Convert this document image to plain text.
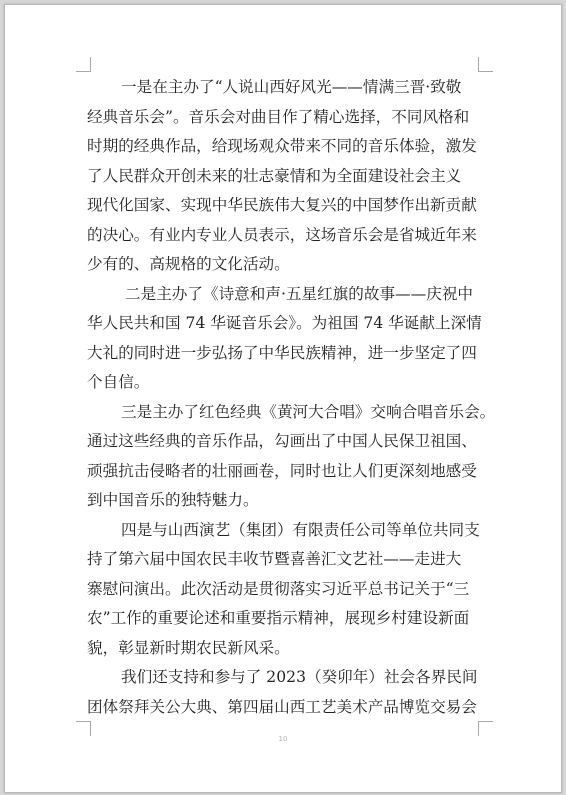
一是在主办了“人说山西好风光——情满三晋·致敬
经典音乐会”。音乐会对曲目作了精心选择，不同风格和
时期的经典作品，给现场观众带来不同的音乐体验，激发
了人民群众开创未来的壮志豪情和为全面建设社会主义
现代化国家、实现中华民族伟大复兴的中国梦作出新贡献
的决心。有业内专业人员表示，这场音乐会是省城近年来
少有的、高规格的文化活动。

二是主办了《诗意和声·五星红旗的故事——庆祝中
华人民共和国 74 华诞音乐会》。为祖国 74 华诞献上深情
大礼的同时进一步弘扬了中华民族精神，进一步坚定了四
个自信。

三是主办了红色经典《黄河大合唱》交响合唱音乐会。
通过这些经典的音乐作品，勾画出了中国人民保卫祖国、
顽强抗击侵略者的壮丽画卷，同时也让人们更深刻地感受
到中国音乐的独特魅力。

四是与山西演艺（集团）有限责任公司等单位共同支
持了第六届中国农民丰收节暨喜善汇文艺社——走进大
寨慰问演出。此次活动是贯彻落实习近平总书记关于“三
农”工作的重要论述和重要指示精神，展现乡村建设新面
貌，彰显新时期农民新风采。

我们还支持和参与了 2023（癸卯年）社会各界民间
团体祭拜关公大典、第四届山西工艺美术产品博览交易会

10
